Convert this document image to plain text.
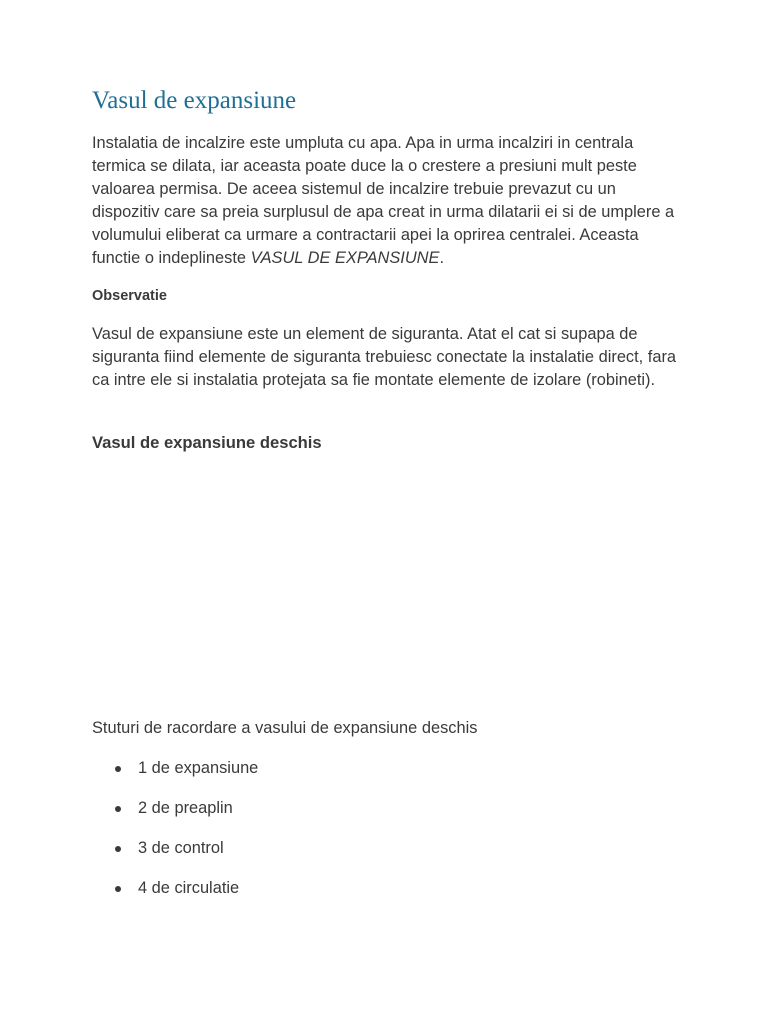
Vasul de expansiune

Instalatia de incalzire este umpluta cu apa. Apa in urma incalziri in centrala termica se dilata, iar aceasta poate duce la o crestere a presiuni mult peste valoarea permisa. De aceea sistemul de incalzire trebuie prevazut cu un dispozitiv care sa preia surplusul de apa creat in urma dilatarii ei si de umplere a volumului eliberat ca urmare a contractarii apei la oprirea centralei. Aceasta functie o indeplineste VASUL DE EXPANSIUNE.

Observatie

Vasul de expansiune este un element de siguranta. Atat el cat si supapa de siguranta fiind elemente de siguranta trebuiesc conectate la instalatie direct, fara ca intre ele si instalatia protejata sa fie montate elemente de izolare (robineti).

Vasul de expansiune deschis

Stuturi de racordare a vasului de expansiune deschis

1 de expansiune
2 de preaplin
3 de control
4 de circulatie
